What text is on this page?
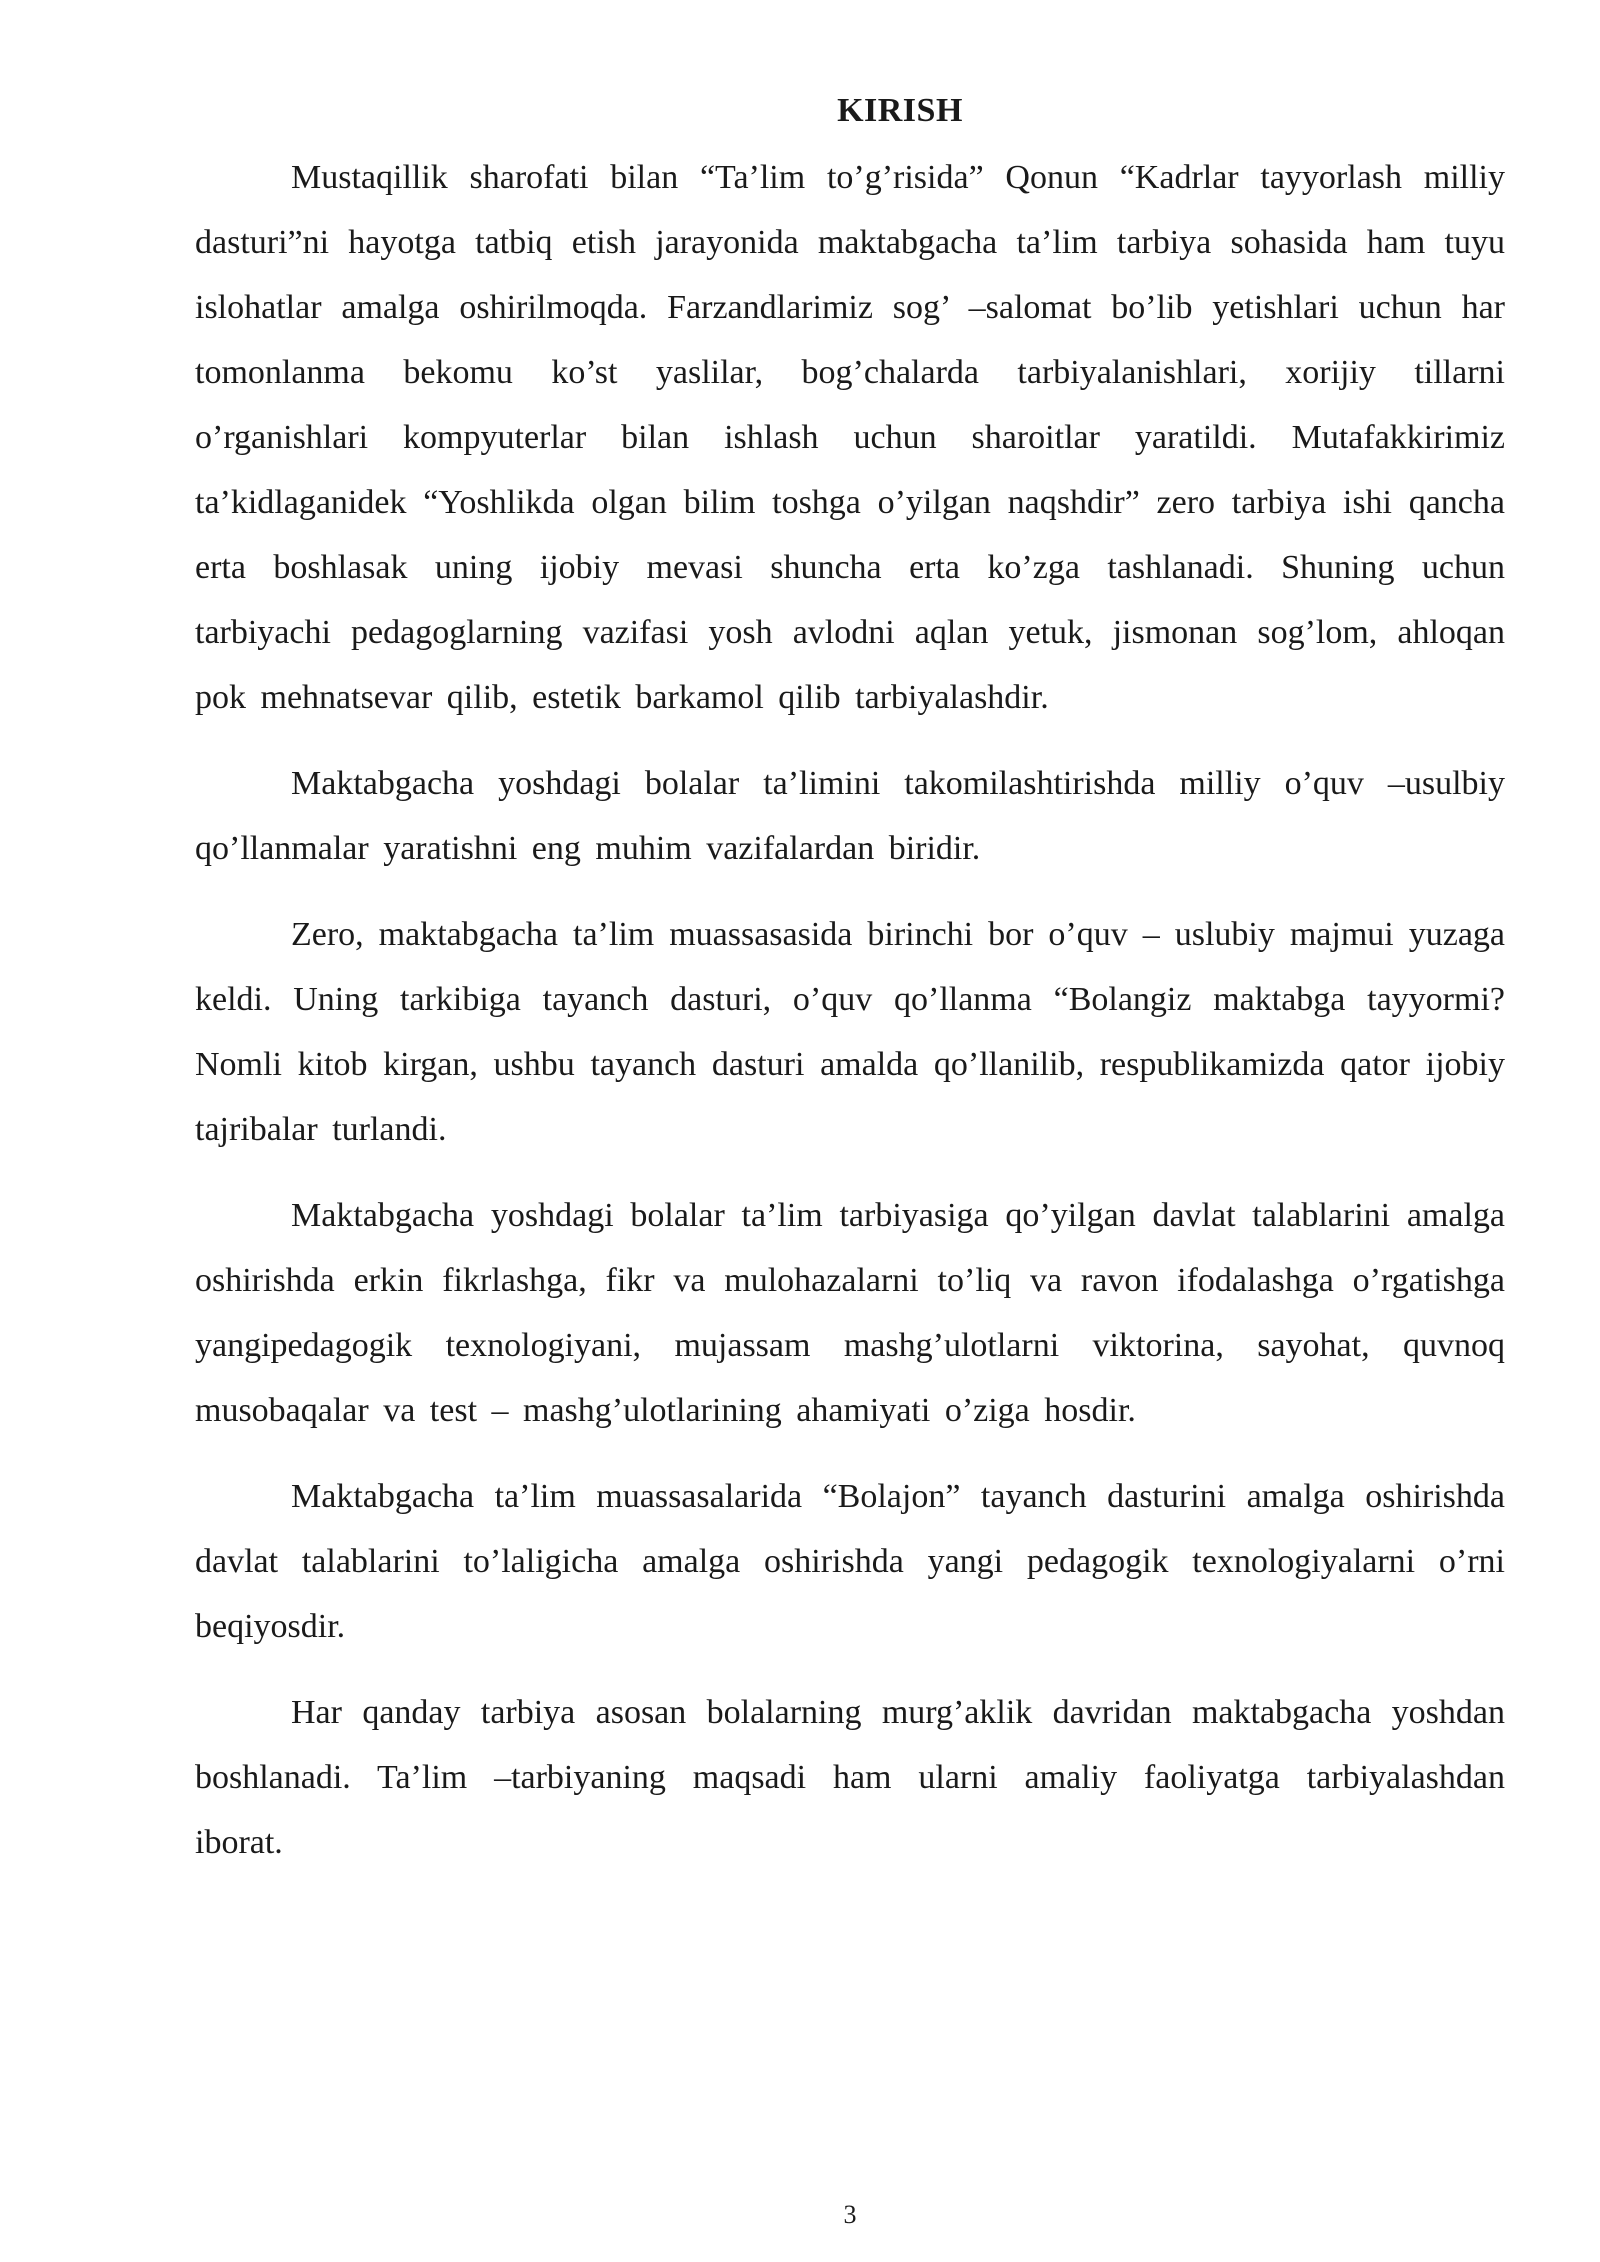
KIRISH

Mustaqillik sharofati bilan “Ta’lim to’g’risida” Qonun “Kadrlar tayyorlash milliy dasturi”ni hayotga tatbiq etish jarayonida maktabgacha ta’lim tarbiya sohasida ham tuyu islohatlar amalga oshirilmoqda. Farzandlarimiz sog’ –salomat bo’lib yetishlari uchun har tomonlanma bekomu ko’st yaslilar, bog’chalarda tarbiyalanishlari, xorijiy tillarni o’rganishlari kompyuterlar bilan ishlash uchun sharoitlar yaratildi. Mutafakkirimiz ta’kidlaganidek “Yoshlikda olgan bilim toshga o’yilgan naqshdir” zero tarbiya ishi qancha erta boshlasak uning ijobiy mevasi shuncha erta ko’zga tashlanadi. Shuning uchun tarbiyachi pedagoglarning vazifasi yosh avlodni aqlan yetuk, jismonan sog’lom, ahloqan pok mehnatsevar qilib, estetik barkamol qilib tarbiyalashdir.

Maktabgacha yoshdagi bolalar ta’limini takomilashtirishda milliy o’quv –usulbiy qo’llanmalar yaratishni eng muhim vazifalardan biridir.

Zero, maktabgacha ta’lim muassasasida birinchi bor o’quv – uslubiy majmui yuzaga keldi. Uning tarkibiga tayanch dasturi, o’quv qo’llanma “Bolangiz maktabga tayyormi? Nomli kitob kirgan, ushbu tayanch dasturi amalda qo’llanilib, respublikamizda qator ijobiy tajribalar turlandi.

Maktabgacha yoshdagi bolalar ta’lim tarbiyasiga qo’yilgan davlat talablarini amalga oshirishda erkin fikrlashga, fikr va mulohazalarni to’liq va ravon ifodalashga o’rgatishga yangipedagogik texnologiyani, mujassam mashg’ulotlarni viktorina, sayohat, quvnoq musobaqalar va test – mashg’ulotlarining ahamiyati o’ziga hosdir.

Maktabgacha ta’lim muassasalarida “Bolajon” tayanch dasturini amalga oshirishda davlat talablarini to’laligicha amalga oshirishda yangi pedagogik texnologiyalarni o’rni beqiyosdir.

Har qanday tarbiya asosan bolalarning murg’aklik davridan maktabgacha yoshdan boshlanadi. Ta’lim –tarbiyaning maqsadi ham ularni amaliy faoliyatga tarbiyalashdan iborat.

3
